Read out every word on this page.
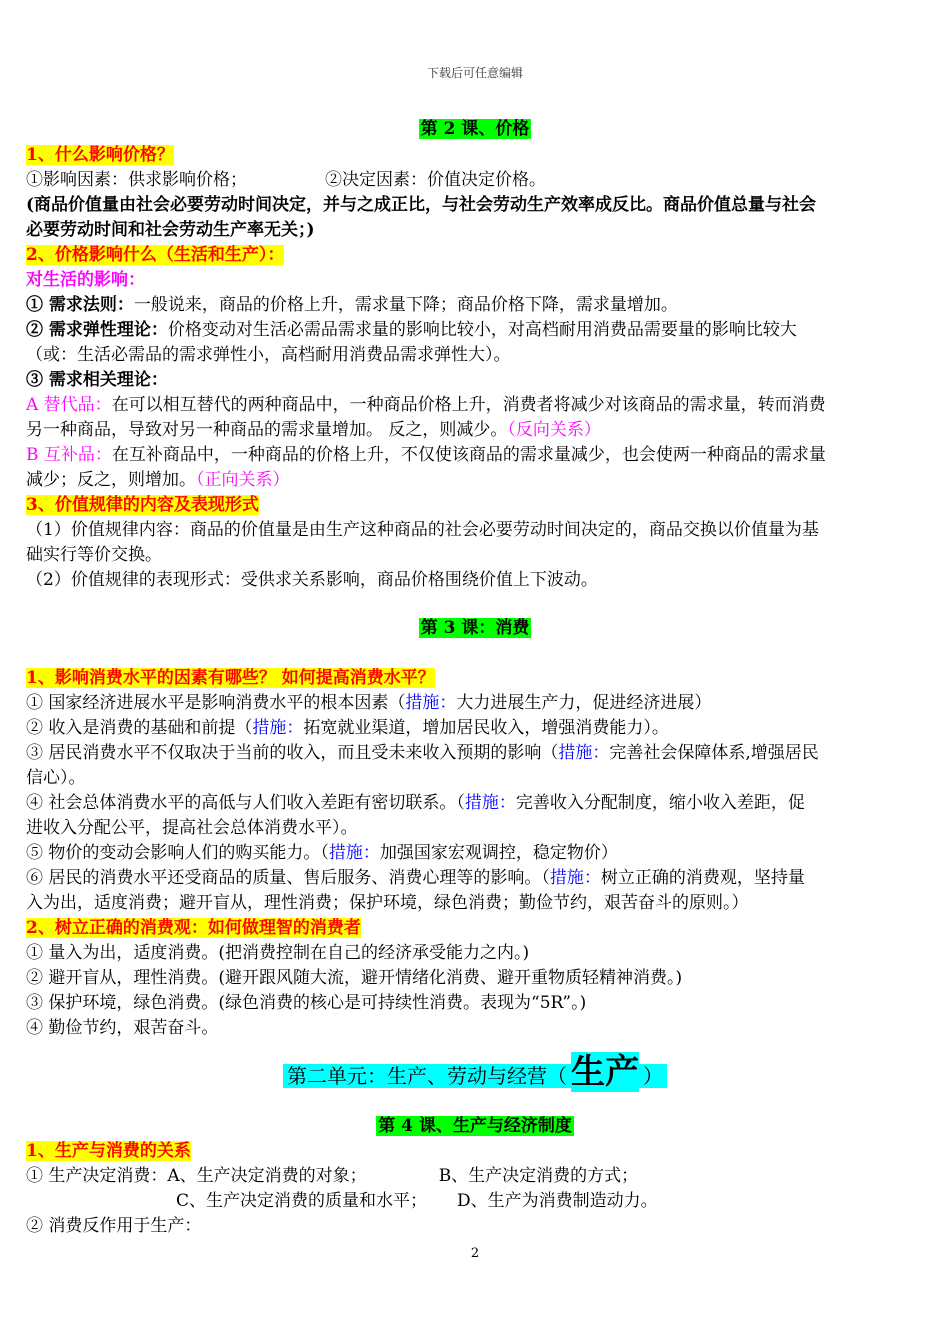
下载后可任意编辑
第 2 课、价格
1、什么影响价格？
①影响因素：供求影响价格；	②决定因素：价值决定价格。
(商品价值量由社会必要劳动时间决定，并与之成正比，与社会劳动生产效率成反比。商品价值总量与社会
必要劳动时间和社会劳动生产率无关；)
2、价格影响什么（生活和生产）：
对生活的影响：
① 需求法则：一般说来，商品的价格上升，需求量下降；商品价格下降，需求量增加。
② 需求弹性理论：价格变动对生活必需品需求量的影响比较小，对高档耐用消费品需要量的影响比较大
（或：生活必需品的需求弹性小，高档耐用消费品需求弹性大）。
③ 需求相关理论：
A 替代品：在可以相互替代的两种商品中，一种商品价格上升，消费者将减少对该商品的需求量，转而消费
另一种商品，导致对另一种商品的需求量增加。 反之，则减少。（反向关系）
B 互补品：在互补商品中，一种商品的价格上升，不仅使该商品的需求量减少，也会使两一种商品的需求量
减少；反之，则增加。（正向关系）
3、价值规律的内容及表现形式
（1）价值规律内容：商品的价值量是由生产这种商品的社会必要劳动时间决定的，商品交换以价值量为基
础实行等价交换。
（2）价值规律的表现形式：受供求关系影响，商品价格围绕价值上下波动。
第 3 课：消费
1、影响消费水平的因素有哪些？ 如何提高消费水平？
① 国家经济进展水平是影响消费水平的根本因素（措施：大力进展生产力，促进经济进展）
② 收入是消费的基础和前提（措施：拓宽就业渠道，增加居民收入，增强消费能力）。
③ 居民消费水平不仅取决于当前的收入，而且受未来收入预期的影响（措施：完善社会保障体系,增强居民
信心）。
④ 社会总体消费水平的高低与人们收入差距有密切联系。（措施：完善收入分配制度，缩小收入差距，促
进收入分配公平，提高社会总体消费水平）。
⑤ 物价的变动会影响人们的购买能力。（措施：加强国家宏观调控，稳定物价）
⑥ 居民的消费水平还受商品的质量、售后服务、消费心理等的影响。（措施：树立正确的消费观，坚持量
入为出，适度消费；避开盲从，理性消费；保护环境，绿色消费；勤俭节约，艰苦奋斗的原则。）
2、树立正确的消费观：如何做理智的消费者
① 量入为出，适度消费。(把消费控制在自己的经济承受能力之内。)
② 避开盲从，理性消费。(避开跟风随大流，避开情绪化消费、避开重物质轻精神消费。)
③ 保护环境，绿色消费。(绿色消费的核心是可持续性消费。表现为“5R”。)
④ 勤俭节约，艰苦奋斗。
第二单元：生产、劳动与经营（ 生产 ）
第 4 课、生产与经济制度
1、生产与消费的关系
① 生产决定消费：A、生产决定消费的对象；	B、生产决定消费的方式；
C、生产决定消费的质量和水平； D、生产为消费制造动力。
② 消费反作用于生产：
2
